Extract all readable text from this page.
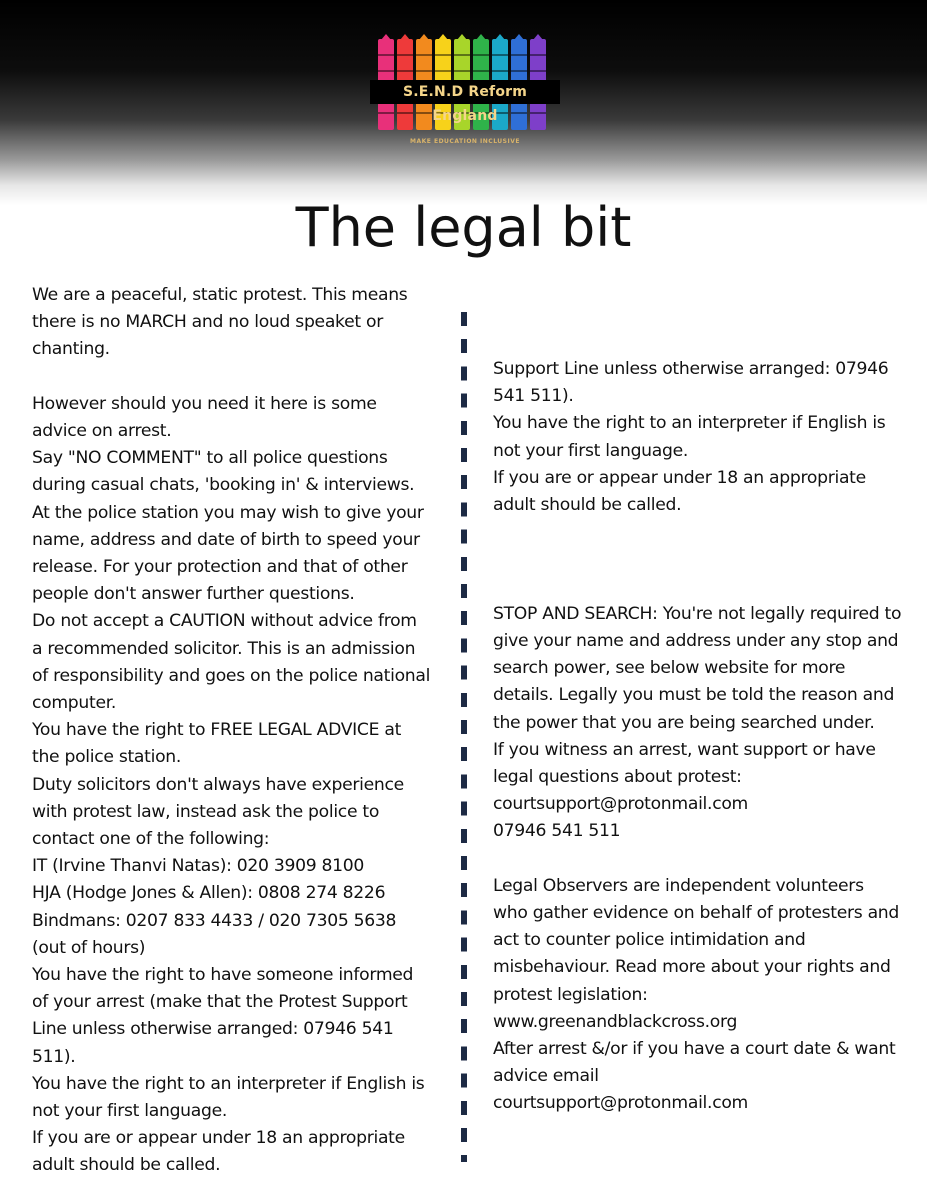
S.E.N.D Reform England
MAKE EDUCATION INCLUSIVE
The legal bit

We are a peaceful, static protest. This means there is no MARCH and no loud speaket or chanting.

However should you need it here is some advice on arrest.

Say "NO COMMENT" to all police questions during casual chats, 'booking in' & interviews. At the police station you may wish to give your name, address and date of birth to speed your release. For your protection and that of other people don't answer further questions.

Do not accept a CAUTION without advice from a recommended solicitor. This is an admission of responsibility and goes on the police national computer.

You have the right to FREE LEGAL ADVICE at the police station.

Duty solicitors don't always have experience with protest law, instead ask the police to contact one of the following:

IT (Irvine Thanvi Natas): 020 3909 8100

HJA (Hodge Jones & Allen): 0808 274 8226

Bindmans: 0207 833 4433 / 020 7305 5638 (out of hours)

You have the right to have someone informed of your arrest (make that the Protest Support Line unless otherwise arranged: 07946 541 511).

You have the right to an interpreter if English is not your first language.

If you are or appear under 18 an appropriate adult should be called.

Support Line unless otherwise arranged: 07946 541 511).

You have the right to an interpreter if English is not your first language.

If you are or appear under 18 an appropriate adult should be called.

STOP AND SEARCH: You're not legally required to give your name and address under any stop and search power, see below website for more details. Legally you must be told the reason and the power that you are being searched under.

If you witness an arrest, want support or have legal questions about protest:

courtsupport@protonmail.com

07946 541 511

Legal Observers are independent volunteers who gather evidence on behalf of protesters and act to counter police intimidation and misbehaviour. Read more about your rights and protest legislation:

www.greenandblackcross.org

After arrest &/or if you have a court date & want advice email

courtsupport@protonmail.com
